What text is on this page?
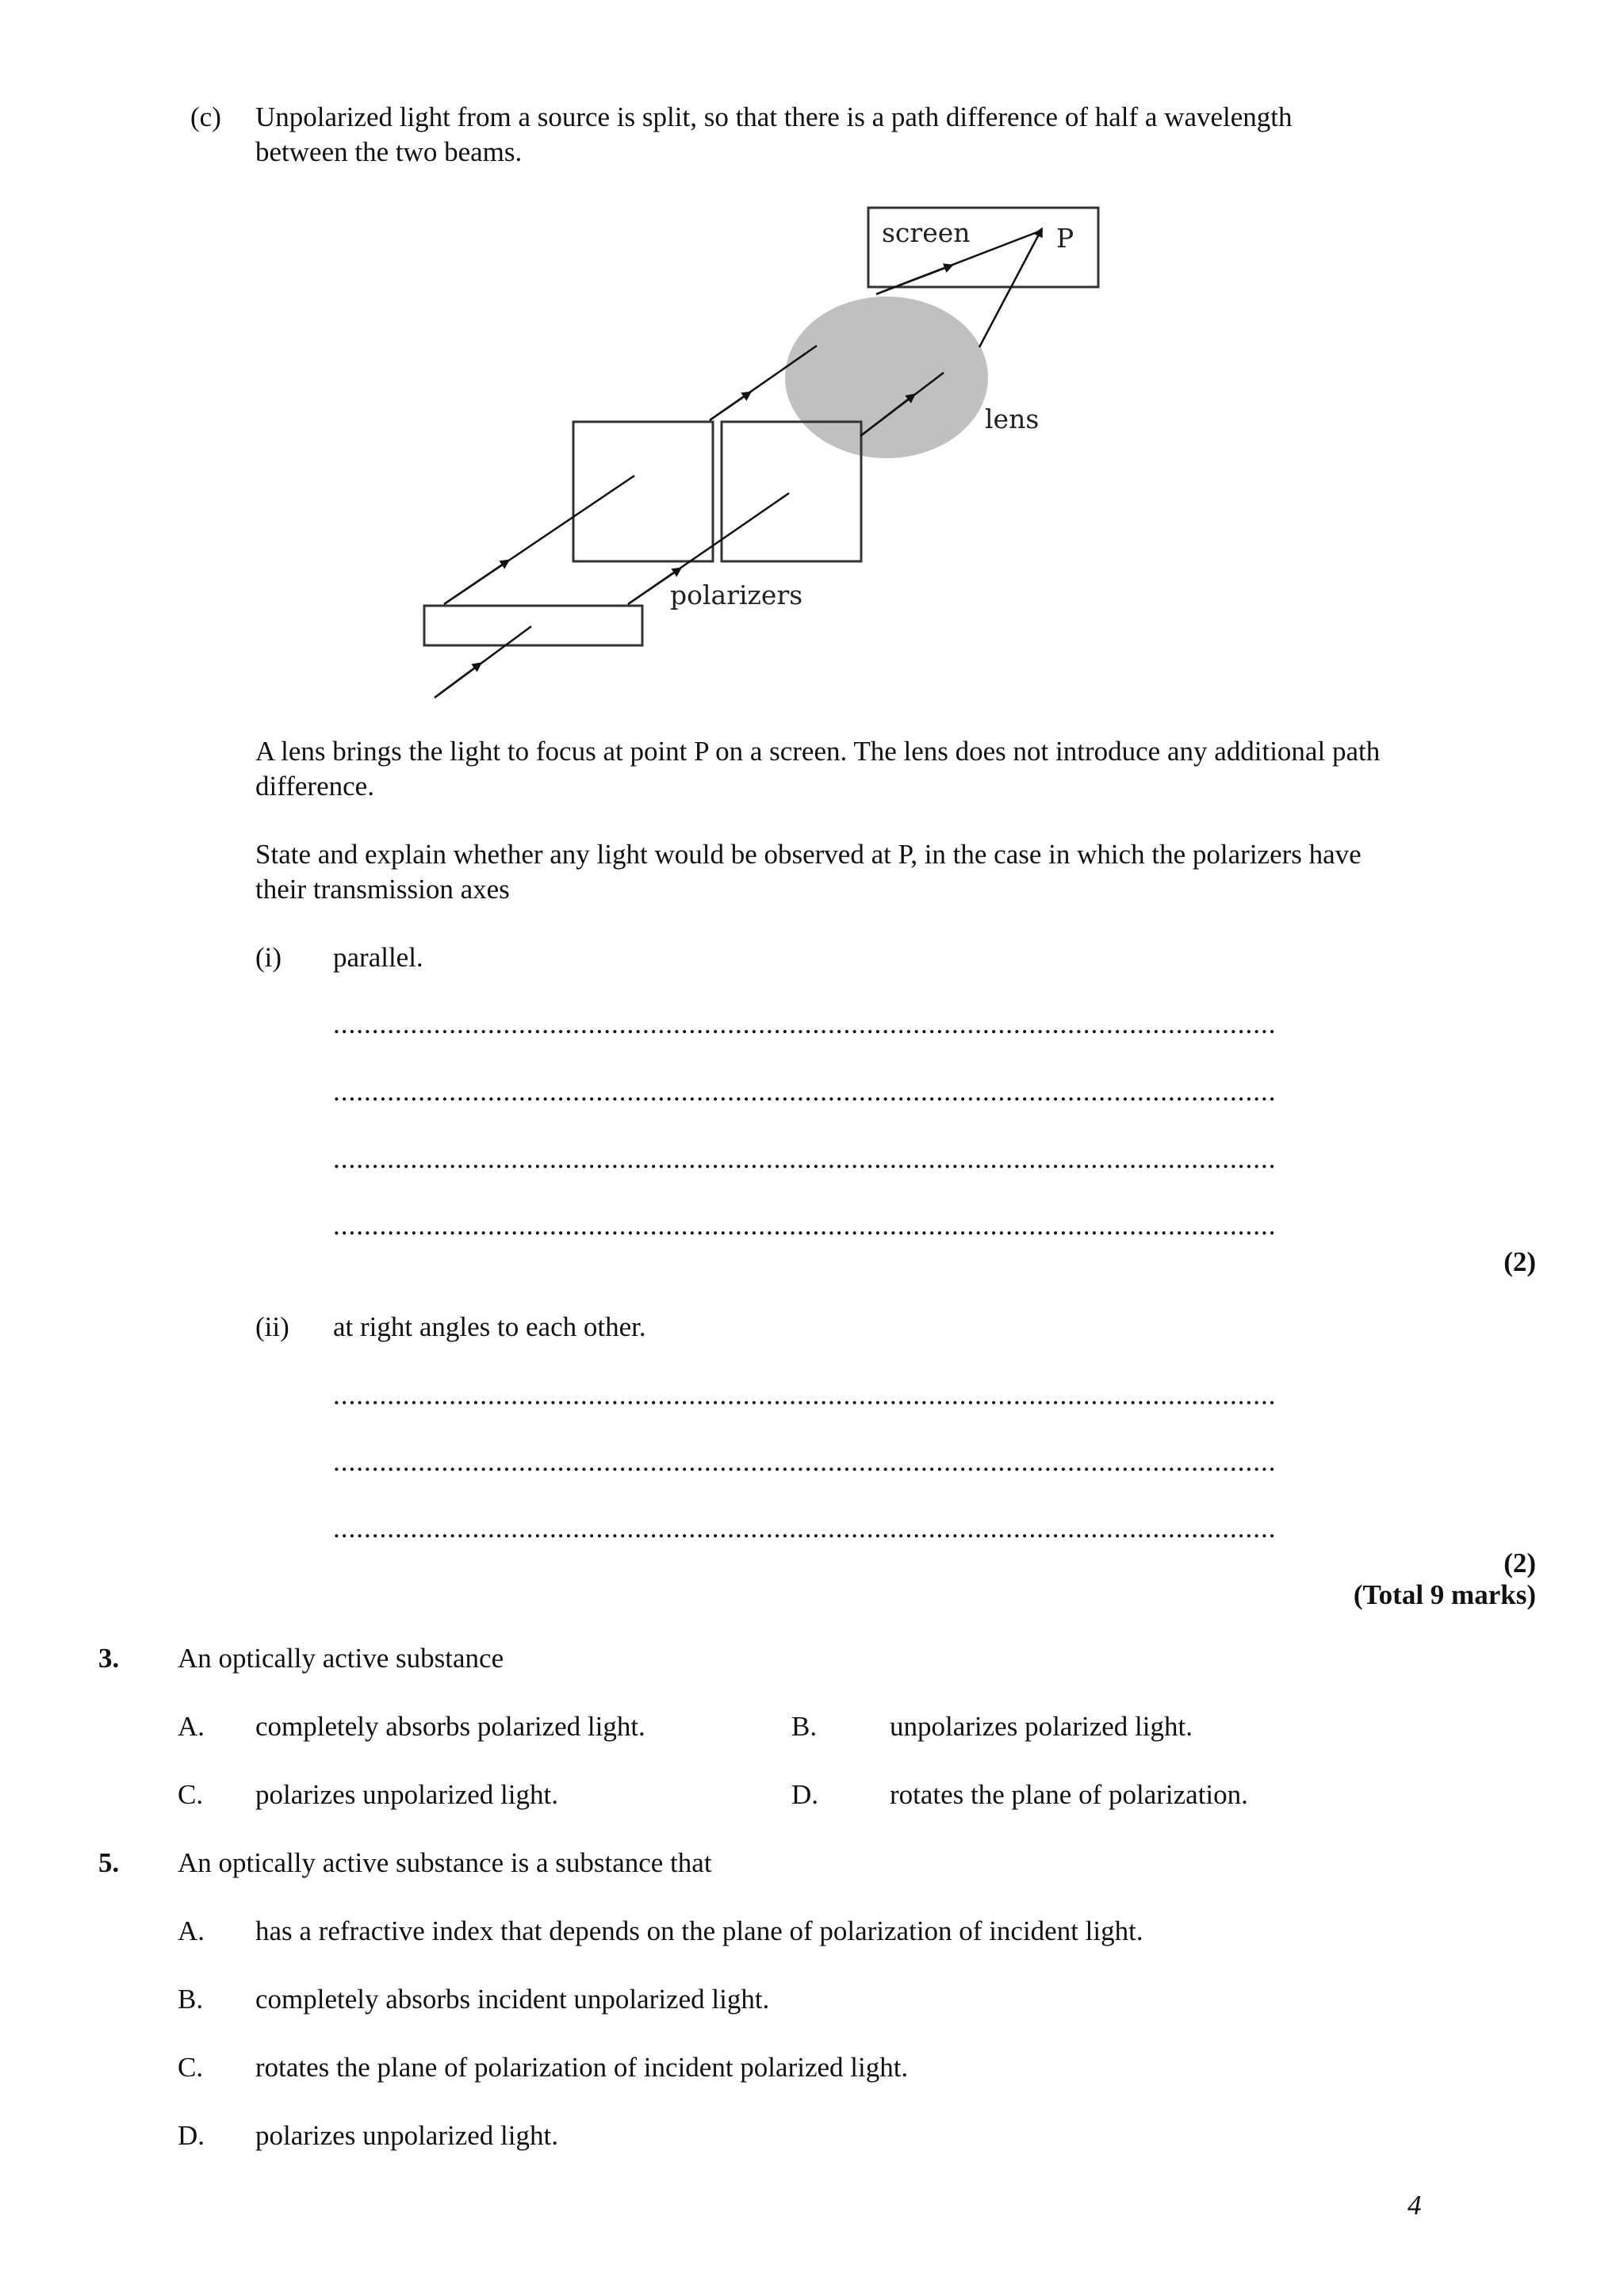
(c) Unpolarized light from a source is split, so that there is a path difference of half a wavelength
between the two beams.
screen	P
lens
polarizers
A lens brings the light to focus at point P on a screen. The lens does not introduce any additional path
difference.
State and explain whether any light would be observed at P, in the case in which the polarizers have
their transmission axes
(i) parallel.
..........................................................................................................................
..........................................................................................................................
..........................................................................................................................
..........................................................................................................................
(2)
(ii) at right angles to each other.
..........................................................................................................................
..........................................................................................................................
..........................................................................................................................
(2)
(Total 9 marks)
3. An optically active substance
A. completely absorbs polarized light.	B.	unpolarizes polarized light.
C. polarizes unpolarized light.	D.	rotates the plane of polarization.
5. An optically active substance is a substance that
A. has a refractive index that depends on the plane of polarization of incident light.
B. completely absorbs incident unpolarized light.
C. rotates the plane of polarization of incident polarized light.
D. polarizes unpolarized light.
4
